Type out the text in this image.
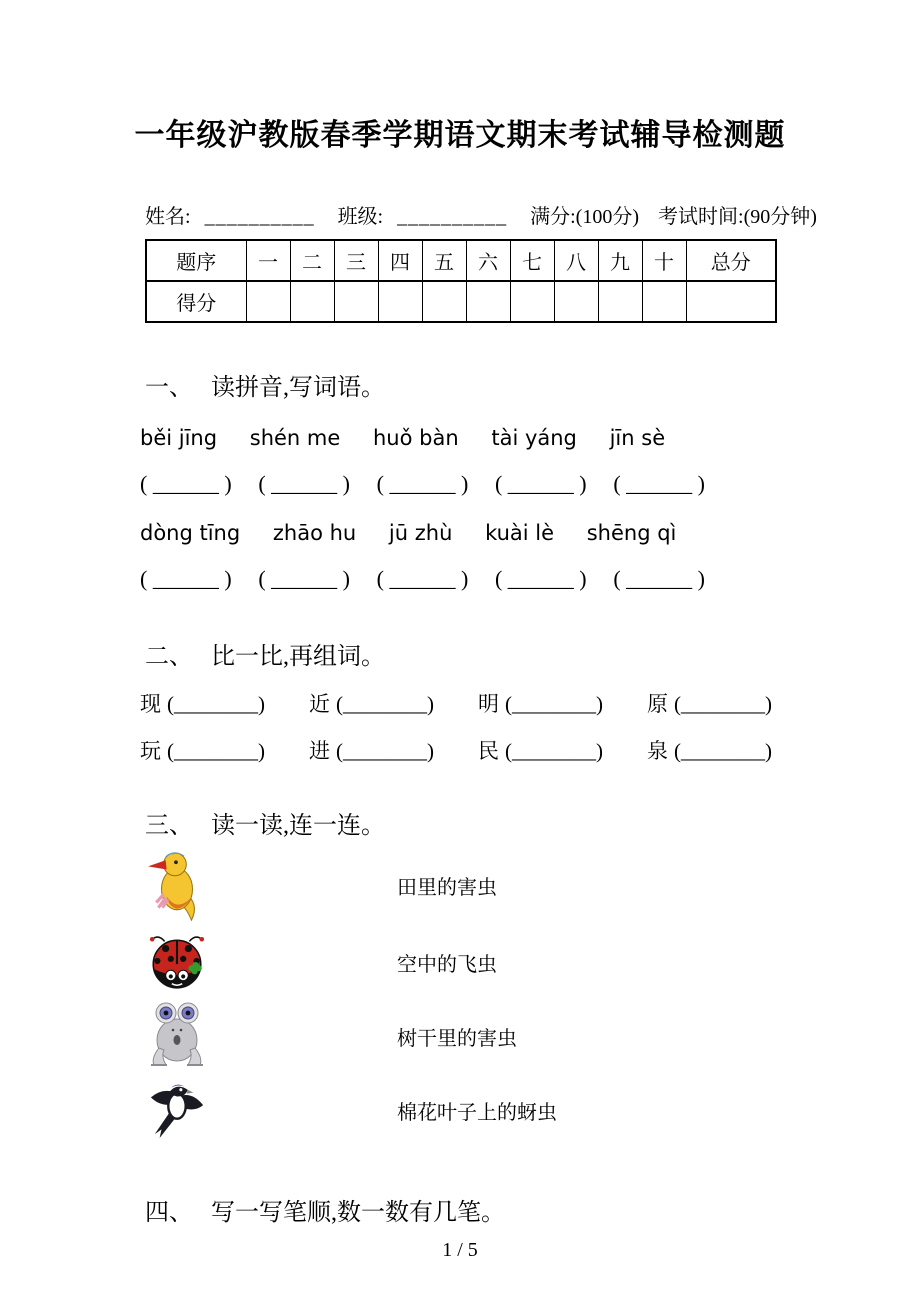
一年级沪教版春季学期语文期末考试辅导检测题
姓名: __________ 班级: __________ 满分:(100分) 考试时间:(90分钟)
题序	一	二	三	四	五	六	七	八	九	十	总分
得分											
一、 读拼音,写词语。
běi jīng shén me huǒ bàn tài yáng jīn sè
( ______ ) ( ______ ) ( ______ ) ( ______ ) ( ______ )
dòng tīng zhāo hu jū zhù kuài lè shēng qì
( ______ ) ( ______ ) ( ______ ) ( ______ ) ( ______ )
二、 比一比,再组词。
现 (________) 近 (________) 明 (________) 原 (________)
玩 (________) 进 (________) 民 (________) 泉 (________)
三、 读一读,连一连。
田里的害虫
空中的飞虫
树干里的害虫
棉花叶子上的蚜虫
四、 写一写笔顺,数一数有几笔。
1 / 5
